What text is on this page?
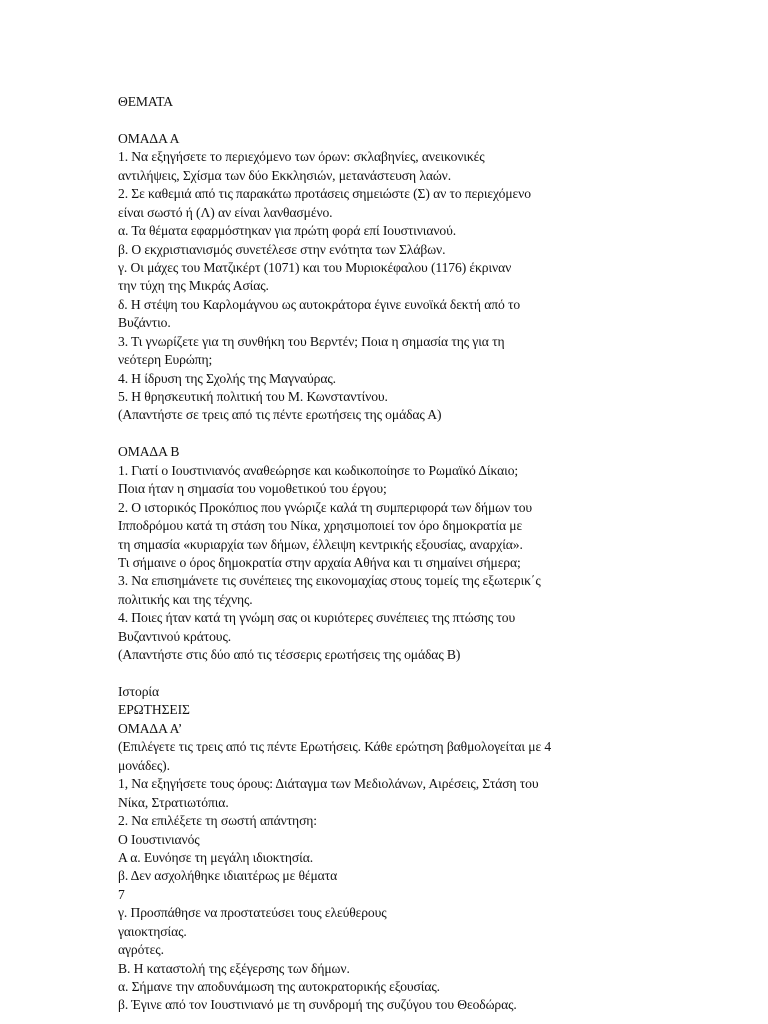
ΘΕΜΑΤΑ
ΟΜΑΔΑ Α
1. Να εξηγήσετε το περιεχόμενο των όρων: σκλαβηνίες, ανεικονικές
αντιλήψεις, Σχίσμα των δύο Εκκλησιών, μετανάστευση λαών.
2. Σε καθεμιά από τις παρακάτω προτάσεις σημειώστε (Σ) αν το περιεχόμενο
είναι σωστό ή (Λ) αν είναι λανθασμένο.
α. Τα θέματα εφαρμόστηκαν για πρώτη φορά επί Ιουστινιανού.
β. Ο εκχριστιανισμός συνετέλεσε στην ενότητα των Σλάβων.
γ. Οι μάχες του Ματζικέρτ (1071) και του Μυριοκέφαλου (1176) έκριναν
την τύχη της Μικράς Ασίας.
δ. Η στέψη του Καρλομάγνου ως αυτοκράτορα έγινε ευνοϊκά δεκτή από το
Βυζάντιο.
3. Τι γνωρίζετε για τη συνθήκη του Βερντέν; Ποια η σημασία της για τη
νεότερη Ευρώπη;
4. Η ίδρυση της Σχολής της Μαγναύρας.
5. Η θρησκευτική πολιτική του Μ. Κωνσταντίνου.
(Απαντήστε σε τρεις από τις πέντε ερωτήσεις της ομάδας Α)
ΟΜΑΔΑ Β
1. Γιατί ο Ιουστινιανός αναθεώρησε και κωδικοποίησε το Ρωμαϊκό Δίκαιο;
Ποια ήταν η σημασία του νομοθετικού του έργου;
2. Ο ιστορικός Προκόπιος που γνώριζε καλά τη συμπεριφορά των δήμων του
Ιπποδρόμου κατά τη στάση του Νίκα, χρησιμοποιεί τον όρο δημοκρατία με
τη σημασία «κυριαρχία των δήμων, έλλειψη κεντρικής εξουσίας, αναρχία».
Τι σήμαινε ο όρος δημοκρατία στην αρχαία Αθήνα και τι σημαίνει σήμερα;
3. Να επισημάνετε τις συνέπειες της εικονομαχίας στους τομείς της εξωτερικ΄ς
πολιτικής και της τέχνης.
4. Ποιες ήταν κατά τη γνώμη σας οι κυριότερες συνέπειες της πτώσης του
Βυζαντινού κράτους.
(Απαντήστε στις δύο από τις τέσσερις ερωτήσεις της ομάδας Β)
Ιστορία
ΕΡΩΤΗΣΕΙΣ
ΟΜΑΔΑ Α’
(Επιλέγετε τις τρεις από τις πέντε Ερωτήσεις. Κάθε ερώτηση βαθμολογείται με 4
μονάδες).
1, Να εξηγήσετε τους όρους: Διάταγμα των Μεδιολάνων, Αιρέσεις, Στάση του
Νίκα, Στρατιωτόπια.
2. Να επιλέξετε τη σωστή απάντηση:
Ο Ιουστινιανός
Α α. Ευνόησε τη μεγάλη ιδιοκτησία.
β. Δεν ασχολήθηκε ιδιαιτέρως με θέματα
7
γ. Προσπάθησε να προστατεύσει τους ελεύθερους
γαιοκτησίας.
αγρότες.
Β. Η καταστολή της εξέγερσης των δήμων.
α. Σήμανε την αποδυνάμωση της αυτοκρατορικής εξουσίας.
β. Έγινε από τον Ιουστινιανό με τη συνδρομή της συζύγου του Θεοδώρας.
